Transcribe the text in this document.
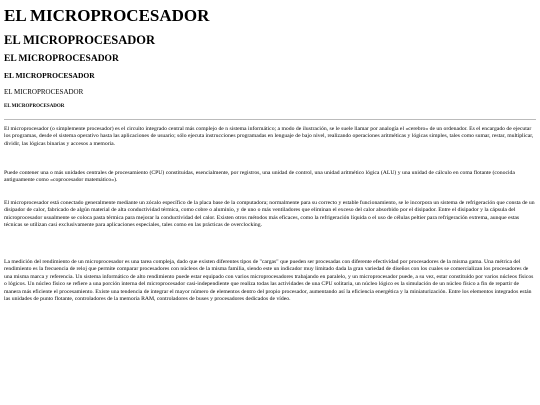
EL MICROPROCESADOR
EL MICROPROCESADOR
EL MICROPROCESADOR
EL MICROPROCESADOR
EL MICROPROCESADOR
EL MICROPROCESADOR

El microprocesador (o simplemente procesador) es el circuito integrado central más complejo de n sistema informático; a modo de ilustración, se le suele llamar por analogía el «cerebro» de un ordenador. Es el encargado de ejecutar los programas, desde el sistema operativo hasta las aplicaciones de usuario; sólo ejecuta instrucciones programadas en lenguaje de bajo nivel, realizando operaciones aritméticas y lógicas simples, tales como sumar, restar, multiplicar, dividir, las lógicas binarias y accesos a memoria.

Puede contener una o más unidades centrales de procesamiento (CPU) constituidas, esencialmente, por registros, una unidad de control, una unidad aritmético lógica (ALU) y una unidad de cálculo en coma flotante (conocida antiguamente como «coprocesador matemático»).

El microprocesador está conectado generalmente mediante un zócalo específico de la placa base de la computadora; normalmente para su correcto y estable funcionamiento, se le incorpora un sistema de refrigeración que consta de un disipador de calor, fabricado de algún material de alta conductividad térmica, como cobre o aluminio, y de uno o más ventiladores que eliminan el exceso del calor absorbido por el disipador. Entre el disipador y la cápsula del microprocesador usualmente se coloca pasta térmica para mejorar la conductividad del calor. Existen otros métodos más eficaces, como la refrigeración líquida o el uso de células peltier para refrigeración extrema, aunque estas técnicas se utilizan casi exclusivamente para aplicaciones especiales, tales como en las prácticas de overclocking.

La medición del rendimiento de un microprocesador es una tarea compleja, dado que existen diferentes tipos de "cargas" que pueden ser procesadas con diferente efectividad por procesadores de la misma gama. Una métrica del rendimiento es la frecuencia de reloj que permite comparar procesadores con núcleos de la misma familia, siendo este un indicador muy limitado dada la gran variedad de diseños con los cuales se comercializan los procesadores de una misma marca y referencia. Un sistema informático de alto rendimiento puede estar equipado con varios microprocesadores trabajando en paralelo, y un microprocesador puede, a su vez, estar constituido por varios núcleos físicos o lógicos. Un núcleo físico se refiere a una porción interna del microprocesador casi-independiente que realiza todas las actividades de una CPU solitaria, un núcleo lógico es la simulación de un núcleo físico a fin de repartir de manera más eficiente el procesamiento. Existe una tendencia de integrar el mayor número de elementos dentro del propio procesador, aumentando así la eficiencia energética y la miniaturización. Entre los elementos integrados están las unidades de punto flotante, controladores de la memoria RAM, controladores de buses y procesadores dedicados de vídeo.
